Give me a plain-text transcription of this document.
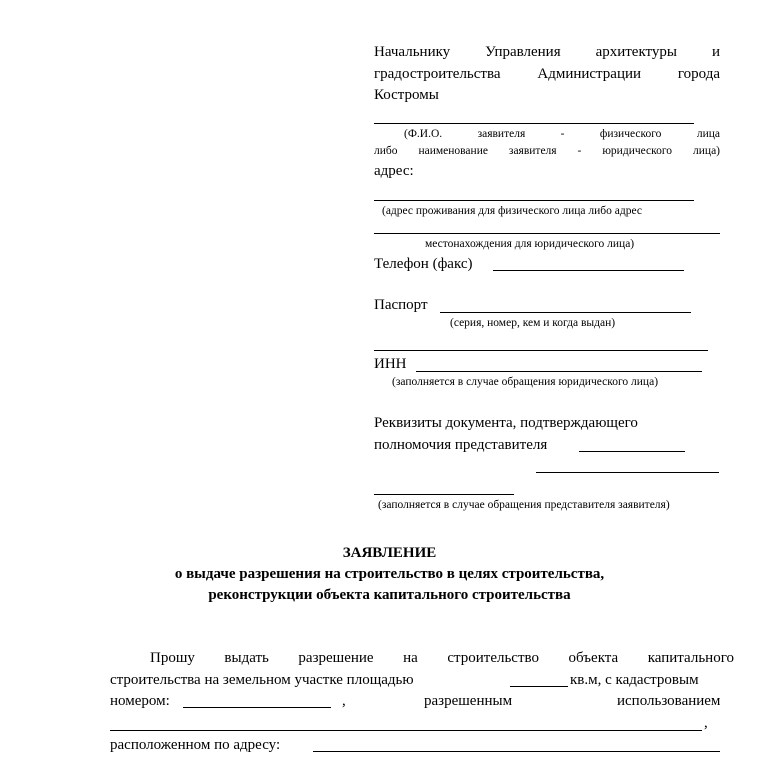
Начальнику Управления архитектуры и
градостроительства Администрации города
Костромы
(Ф.И.О.	заявителя	-	физического	лица
либо наименование заявителя - юридического лица)
адрес:
(адрес проживания для физического лица либо адрес
местонахождения для юридического лица)
Телефон (факс)
Паспорт
(серия, номер, кем и когда выдан)
ИНН
(заполняется в случае обращения юридического лица)
Реквизиты документа, подтверждающего
полномочия представителя
(заполняется в случае обращения представителя заявителя)
ЗАЯВЛЕНИЕ
о выдаче разрешения на строительство в целях строительства,
реконструкции объекта капитального строительства
Прошу выдать разрешение на строительство объекта капитального
строительства на земельном участке площадью	кв.м, с кадастровым
номером:	,	разрешенным	использованием
,
расположенном по адресу:
